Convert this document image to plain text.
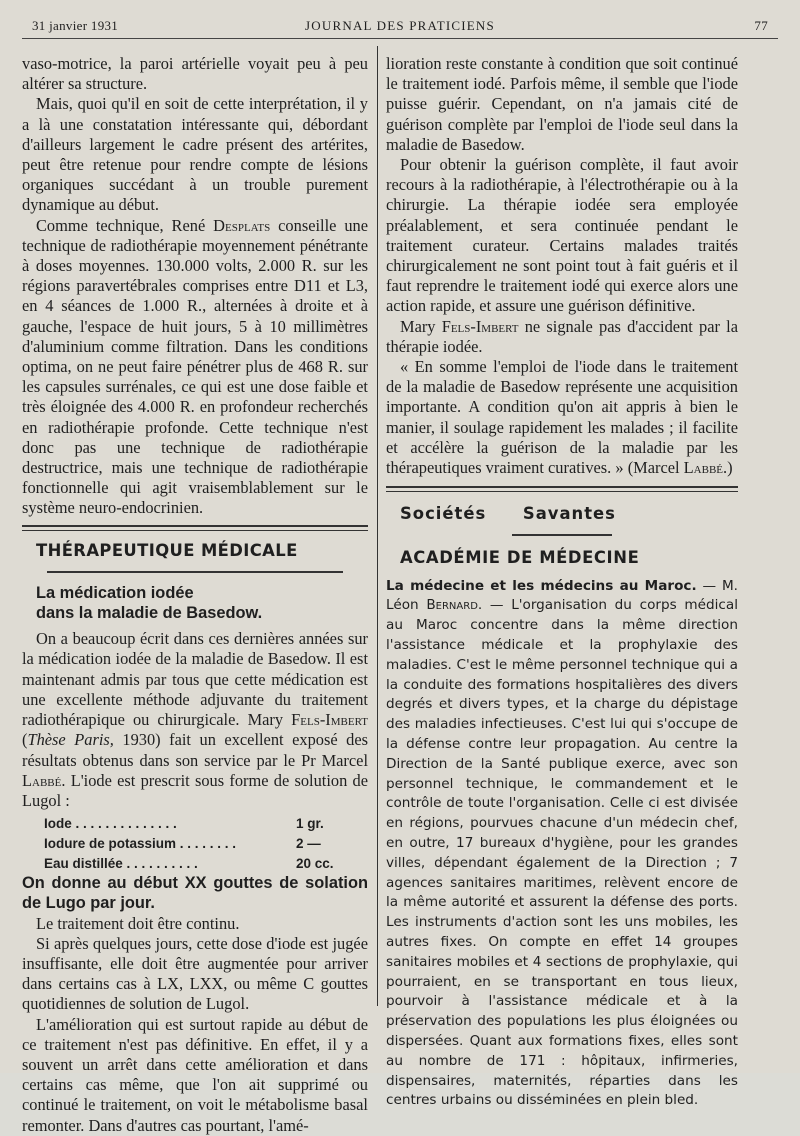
31 janvier 1931	JOURNAL DES PRATICIENS	77

vaso-motrice, la paroi artérielle voyait peu à peu altérer sa structure.

Mais, quoi qu'il en soit de cette interprétation, il y a là une constatation intéressante qui, débordant d'ailleurs largement le cadre présent des artérites, peut être retenue pour rendre compte de lésions organiques succédant à un trouble purement dynamique au début.

Comme technique, René Desplats conseille une technique de radiothérapie moyennement pénétrante à doses moyennes. 130.000 volts, 2.000 R. sur les régions paravertébrales comprises entre D11 et L3, en 4 séances de 1.000 R., alternées à droite et à gauche, l'espace de huit jours, 5 à 10 millimètres d'aluminium comme filtration. Dans les conditions optima, on ne peut faire pénétrer plus de 468 R. sur les capsules surrénales, ce qui est une dose faible et très éloignée des 4.000 R. en profondeur recherchés en radiothérapie profonde. Cette technique n'est donc pas une technique de radiothérapie destructrice, mais une technique de radiothérapie fonctionnelle qui agit vraisemblablement sur le système neuro-endocrinien.

THÉRAPEUTIQUE MÉDICALE

La médication iodée

dans la maladie de Basedow.

On a beaucoup écrit dans ces dernières années sur la médication iodée de la maladie de Basedow. Il est maintenant admis par tous que cette médication est une excellente méthode adjuvante du traitement radiothérapique ou chirurgicale. Mary Fels-Imbert (Thèse Paris, 1930) fait un excellent exposé des résultats obtenus dans son service par le Pr Marcel Labbé. L'iode est prescrit sous forme de solution de Lugol :

Iode . . . . . . . . . . . . . .	1 gr.
Iodure de potassium . . . . . . . .	2 —
Eau distillée . . . . . . . . . .	20 cc.

On donne au début XX gouttes de solation de Lugo par jour.

Le traitement doit être continu.

Si après quelques jours, cette dose d'iode est jugée insuffisante, elle doit être augmentée pour arriver dans certains cas à LX, LXX, ou même C gouttes quotidiennes de solution de Lugol.

L'amélioration qui est surtout rapide au début de ce traitement n'est pas définitive. En effet, il y a souvent un arrêt dans cette amélioration et dans certains cas même, que l'on ait supprimé ou continué le traitement, on voit le métabolisme basal remonter. Dans d'autres cas pourtant, l'amé-

lioration reste constante à condition que soit continué le traitement iodé. Parfois même, il semble que l'iode puisse guérir. Cependant, on n'a jamais cité de guérison complète par l'emploi de l'iode seul dans la maladie de Basedow.

Pour obtenir la guérison complète, il faut avoir recours à la radiothérapie, à l'électrothérapie ou à la chirurgie. La thérapie iodée sera employée préalablement, et sera continuée pendant le traitement curateur. Certains malades traités chirurgicalement ne sont point tout à fait guéris et il faut reprendre le traitement iodé qui exerce alors une action rapide, et assure une guérison définitive.

Mary Fels-Imbert ne signale pas d'accident par la thérapie iodée.

« En somme l'emploi de l'iode dans le traitement de la maladie de Basedow représente une acquisition importante. A condition qu'on ait appris à bien le manier, il soulage rapidement les malades ; il facilite et accélère la guérison de la maladie par les thérapeutiques vraiment curatives. » (Marcel Labbé.)

Sociétés Savantes

ACADÉMIE DE MÉDECINE

La médecine et les médecins au Maroc. — M. Léon Bernard. — L'organisation du corps médical au Maroc concentre dans la même direction l'assistance médicale et la prophylaxie des maladies. C'est le même personnel technique qui a la conduite des formations hospitalières des divers degrés et divers types, et la charge du dépistage des maladies infectieuses. C'est lui qui s'occupe de la défense contre leur propagation. Au centre la Direction de la Santé publique exerce, avec son personnel technique, le commandement et le contrôle de toute l'organisation. Celle ci est divisée en régions, pourvues chacune d'un médecin chef, en outre, 17 bureaux d'hygiène, pour les grandes villes, dépendant également de la Direction ; 7 agences sanitaires maritimes, relèvent encore de la même autorité et assurent la défense des ports. Les instruments d'action sont les uns mobiles, les autres fixes. On compte en effet 14 groupes sanitaires mobiles et 4 sections de prophylaxie, qui pourraient, en se transportant en tous lieux, pourvoir à l'assistance médicale et à la préservation des populations les plus éloignées ou dispersées. Quant aux formations fixes, elles sont au nombre de 171 : hôpitaux, infirmeries, dispensaires, maternités, réparties dans les centres urbains ou disséminées en plein bled.
